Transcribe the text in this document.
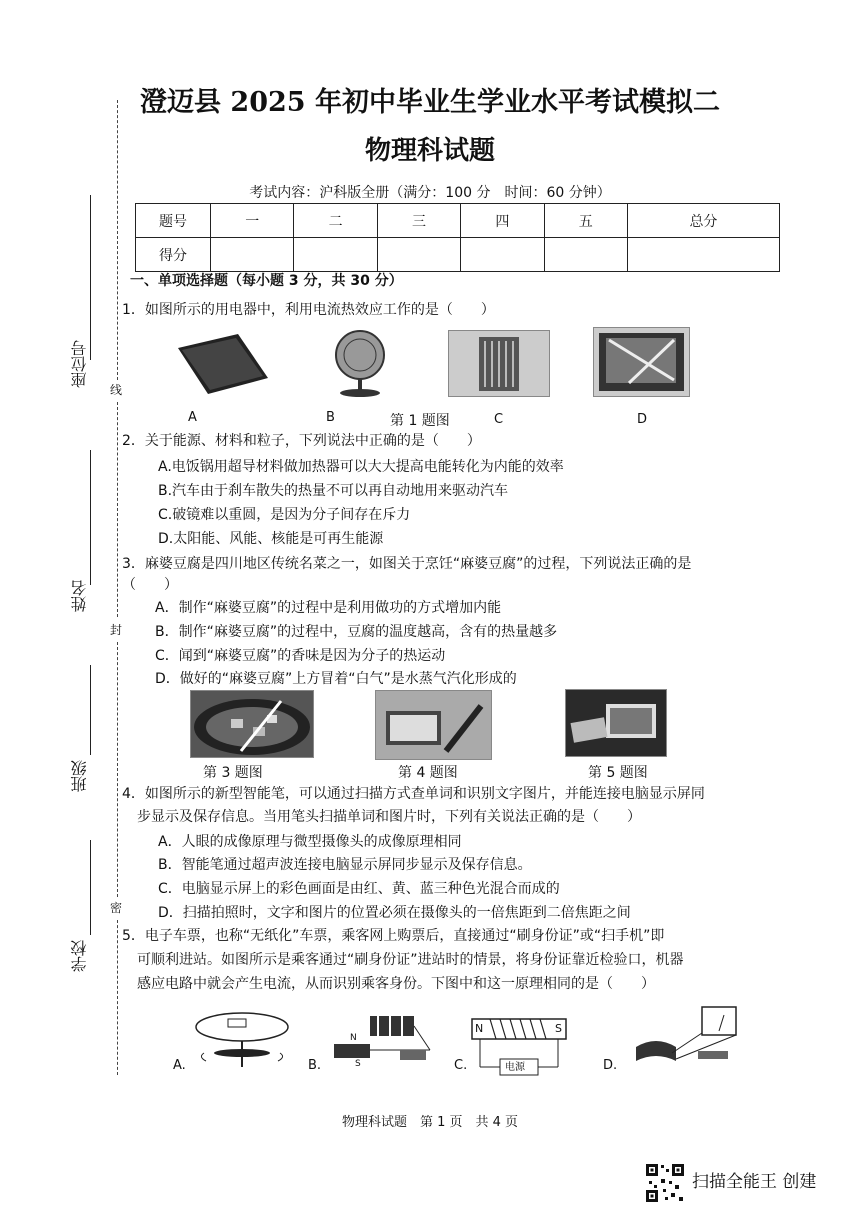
澄迈县 2025 年初中毕业生学业水平考试模拟二
物理科试题
考试内容：沪科版全册（满分：100 分　时间：60 分钟）
题号	一	二	三	四	五	总分
得分						
座位号
姓名
班级
学校
线
封
密
一、单项选择题（每小题 3 分，共 30 分）
1．如图所示的用电器中，利用电流热效应工作的是（　　）
A	B	第 1 题图	C	D
2．关于能源、材料和粒子，下列说法中正确的是（　　）
A.电饭锅用超导材料做加热器可以大大提高电能转化为内能的效率
B.汽车由于刹车散失的热量不可以再自动地用来驱动汽车
C.破镜难以重圆，是因为分子间存在斥力
D.太阳能、风能、核能是可再生能源
3．麻婆豆腐是四川地区传统名菜之一，如图关于烹饪“麻婆豆腐”的过程，下列说法正确的是
（　　）
A．制作“麻婆豆腐”的过程中是利用做功的方式增加内能
B．制作“麻婆豆腐”的过程中，豆腐的温度越高，含有的热量越多
C．闻到“麻婆豆腐”的香味是因为分子的热运动
D．做好的“麻婆豆腐”上方冒着“白气”是水蒸气汽化形成的
第 3 题图	第 4 题图	第 5 题图
4．如图所示的新型智能笔，可以通过扫描方式查单词和识别文字图片，并能连接电脑显示屏同
步显示及保存信息。当用笔头扫描单词和图片时，下列有关说法正确的是（　　）
A．人眼的成像原理与微型摄像头的成像原理相同
B．智能笔通过超声波连接电脑显示屏同步显示及保存信息。
C．电脑显示屏上的彩色画面是由红、黄、蓝三种色光混合而成的
D．扫描拍照时，文字和图片的位置必须在摄像头的一倍焦距到二倍焦距之间
5．电子车票，也称“无纸化”车票，乘客网上购票后，直接通过“刷身份证”或“扫手机”即
可顺利进站。如图所示是乘客通过“刷身份证”进站时的情景，将身份证靠近检验口，机器
感应电路中就会产生电流，从而识别乘客身份。下图中和这一原理相同的是（　　）
A.
N
S
B.
N	S
电源
C.	D.
物理科试题　第 1 页　共 4 页
扫描全能王 创建
